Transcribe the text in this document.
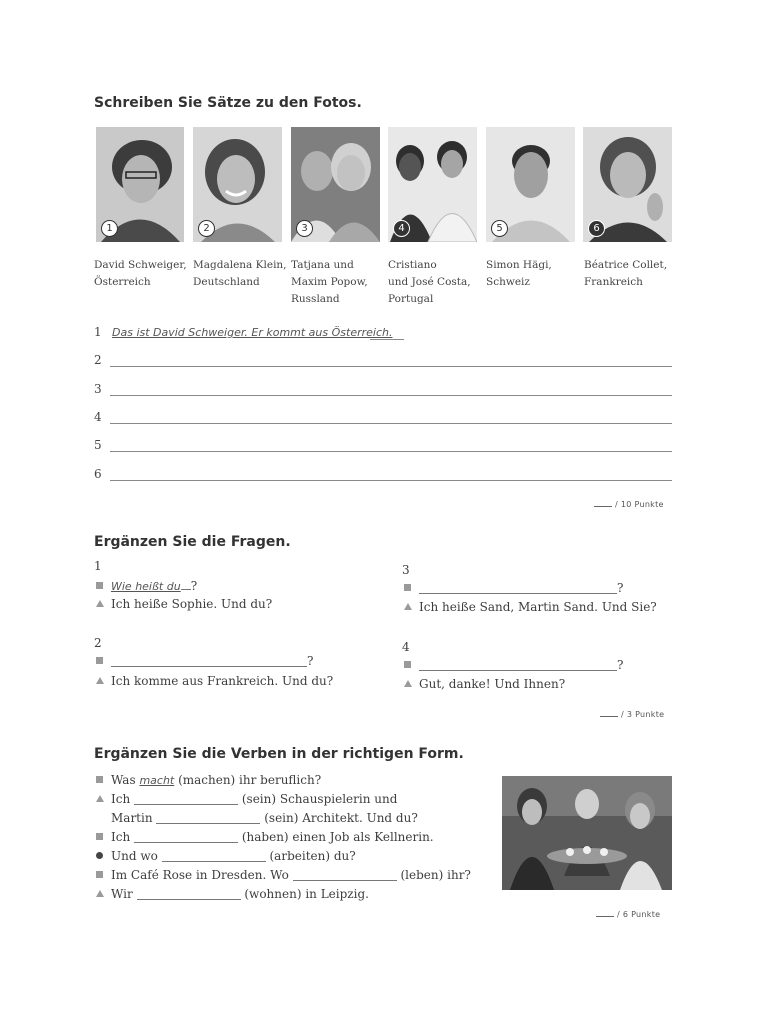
Schreiben Sie Sätze zu den Fotos.
1	2	3	4	5	6
David Schweiger,
Österreich
Magdalena Klein,
Deutschland
Tatjana und
Maxim Popow,
Russland
Cristiano
und José Costa,
Portugal
Simon Hägi,
Schweiz
Béatrice Collet,
Frankreich
1 Das ist David Schweiger. Er kommt aus Österreich.
2
3
4
5
6
/ 10 Punkte
Ergänzen Sie die Fragen.
1
Wie heißt du ?
Ich heiße Sophie. Und du?
2
?
Ich komme aus Frankreich. Und du?
3
?
Ich heiße Sand, Martin Sand. Und Sie?
4
?
Gut, danke! Und Ihnen?
/ 3 Punkte
Ergänzen Sie die Verben in der richtigen Form.
Was macht (machen) ihr beruflich?
Ich	(sein) Schauspielerin und
Martin	(sein) Architekt. Und du?
Ich	(haben) einen Job als Kellnerin.
Und wo	(arbeiten) du?
Im Café Rose in Dresden. Wo	(leben) ihr?
Wir	(wohnen) in Leipzig.
/ 6 Punkte
